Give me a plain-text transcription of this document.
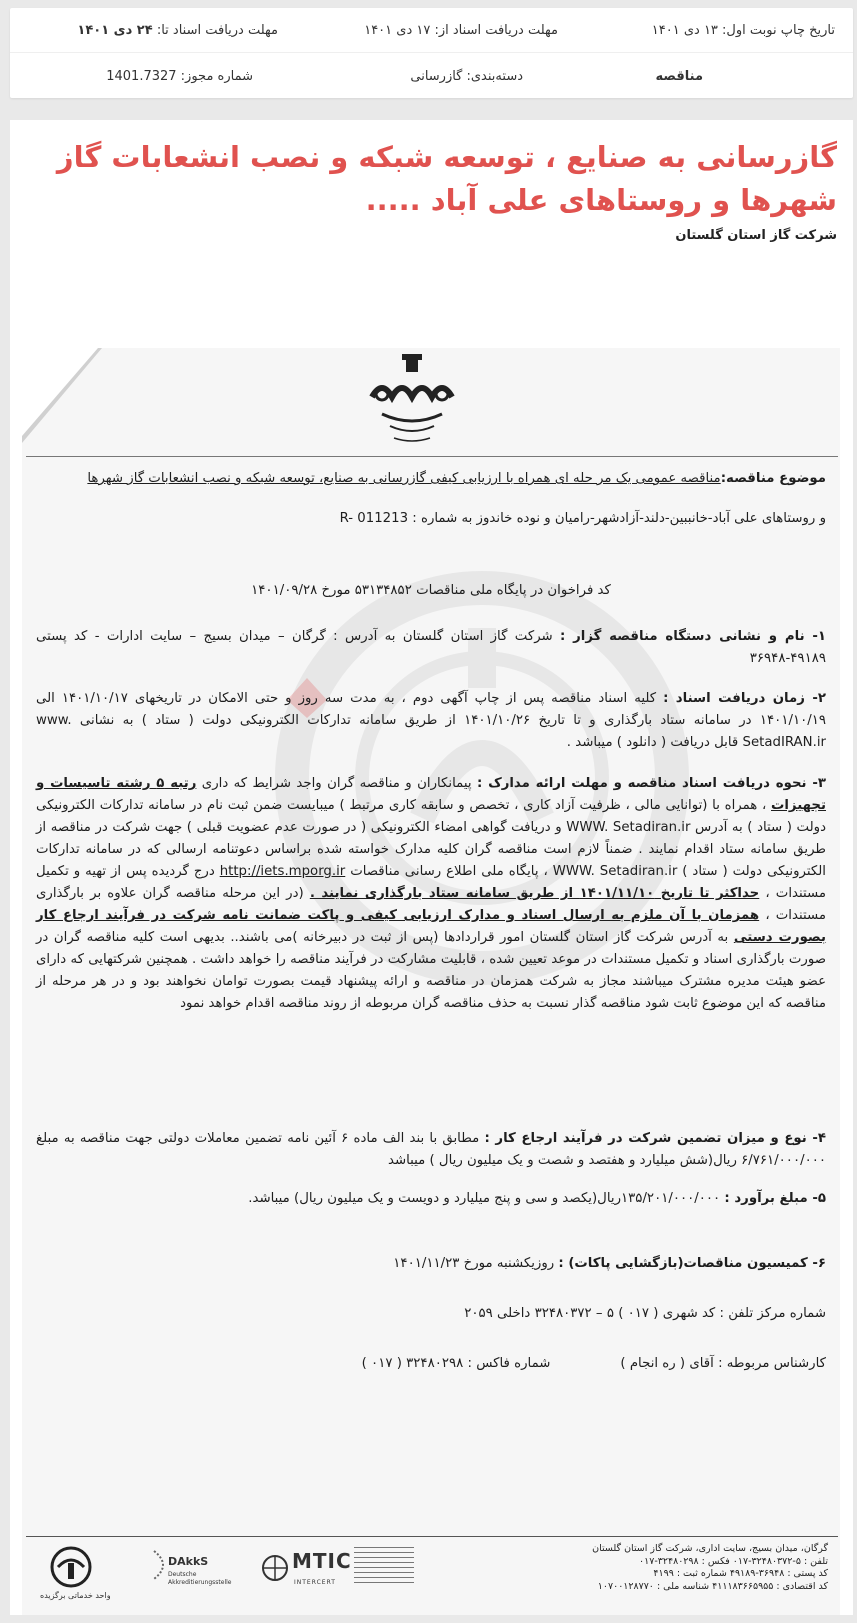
تاریخ چاپ نوبت اول: ۱۳ دی ۱۴۰۱
مهلت دریافت اسناد از: ۱۷ دی ۱۴۰۱
مهلت دریافت اسناد تا: ۲۴ دی ۱۴۰۱
مناقصه
دسته‌بندی: گازرسانی
شماره مجوز: 1401.7327
گازرسانی به صنایع ، توسعه شبکه و نصب انشعابات گاز شهرها و روستاهای علی آباد .....
شرکت گاز استان گلستان

موضوع مناقصه:مناقصه عمومی یک مر حله ای همراه با ارزیابی کیفی گازرسانی به صنایع، توسعه شبکه و نصب انشعابات گاز شهرها

و روستاهای علی آباد-خانببین-دلند-آزادشهر-رامیان و نوده خاندوز به شماره : R- 011213

کد فراخوان در پایگاه ملی مناقصات ۵۳۱۳۴۸۵۲ مورخ ۱۴۰۱/۰۹/۲۸

۱- نام و نشانی دستگاه مناقصه گزار : شرکت گاز استان گلستان به آدرس : گرگان – میدان بسیج – سایت ادارات - کد پستی ۴۹۱۸۹-۳۶۹۴۸

۲- زمان دریافت اسناد : کلیه اسناد مناقصه پس از چاپ آگهی دوم ، به مدت سه روز و حتی الامکان در تاریخهای ۱۴۰۱/۱۰/۱۷ الی ۱۴۰۱/۱۰/۱۹ در سامانه ستاد بارگذاری و تا تاریخ ۱۴۰۱/۱۰/۲۶ از طریق سامانه تدارکات الکترونیکی دولت ( ستاد ) به نشانی www. SetadIRAN.ir قابل دریافت ( دانلود ) میباشد .

۳- نحوه دریافت اسناد مناقصه و مهلت ارائه مدارک : پیمانکاران و مناقصه گران واجد شرایط که داری رتبه ۵ رشته تاسیسات و تجهیزات ، همراه با (توانایی مالی ، ظرفیت آزاد کاری ، تخصص و سابقه کاری مرتبط ) میبایست ضمن ثبت نام در سامانه تدارکات الکترونیکی دولت ( ستاد ) به آدرس WWW. Setadiran.ir و دریافت گواهی امضاء الکترونیکی ( در صورت عدم عضویت قبلی ) جهت شرکت در مناقصه از طریق سامانه ستاد اقدام نمایند . ضمناً لازم است مناقصه گران کلیه مدارک خواسته شده براساس دعوتنامه ارسالی که در سامانه تدارکات الکترونیکی دولت ( ستاد ) WWW. Setadiran.ir ، پایگاه ملی اطلاع رسانی مناقصات http://iets.mporg.ir درج گردیده پس از تهیه و تکمیل مستندات ، حداکثر تا تاریخ ۱۴۰۱/۱۱/۱۰ از طریق سامانه ستاد بارگذاری نمایند . (در این مرحله مناقصه گران علاوه بر بارگذاری مستندات ، همزمان با آن ملزم به ارسال اسناد و مدارک ارزیابی کیفی و پاکت ضمانت نامه شرکت در فرآیند ارجاع کار بصورت دستی به آدرس شرکت گاز استان گلستان امور قراردادها (پس از ثبت در دبیرخانه )می باشند.. بدیهی است کلیه مناقصه گران در صورت بارگذاری اسناد و تکمیل مستندات در موعد تعیین شده ، قابلیت مشارکت در فرآیند مناقصه را خواهد داشت . همچنین شرکتهایی که دارای عضو هیئت مدیره مشترک میباشند مجاز به شرکت همزمان در مناقصه و ارائه پیشنهاد قیمت بصورت توامان نخواهند بود و در هر مرحله از مناقصه که این موضوع ثابت شود مناقصه گذار نسبت به حذف مناقصه گران مربوطه از روند مناقصه اقدام خواهد نمود

۴- نوع و میزان تضمین شرکت در فرآیند ارجاع کار : مطابق با بند الف ماده ۶ آئین نامه تضمین معاملات دولتی جهت مناقصه به مبلغ ۶/۷۶۱/۰۰۰/۰۰۰ ریال(شش میلیارد و هفتصد و شصت و یک میلیون ریال ) میباشد

۵- مبلغ برآورد : ۱۳۵/۲۰۱/۰۰۰/۰۰۰ریال(یکصد و سی و پنج میلیارد و دویست و یک میلیون ریال) میباشد.

۶- کمیسیون مناقصات(بازگشایی پاکات) : روزیکشنبه مورخ ۱۴۰۱/۱۱/۲۳

شماره مرکز تلفن : کد شهری ( ۰۱۷ ) ۵ – ۳۲۴۸۰۳۷۲ داخلی ۲۰۵۹

کارشناس مربوطه : آقای ( ره انجام )شماره فاکس : ۳۲۴۸۰۲۹۸ ( ۰۱۷ )

گرگان، میدان بسیج، سایت اداری، شرکت گاز استان گلستان
تلفن : ۵-۳۲۴۸۰۳۷۲-۰۱۷ فکس : ۳۲۴۸۰۲۹۸-۰۱۷
کد پستی : ۳۶۹۴۸-۴۹۱۸۹ شماره ثبت : ۴۱۹۹
کد اقتصادی : ۴۱۱۱۸۳۶۶۵۹۵۵ شناسه ملی : ۱۰۷۰۰۱۲۸۷۷۰
واحد خدماتی برگزیده
DAkkS
Deutsche Akkreditierungsstelle
MTIC
INTERCERT
